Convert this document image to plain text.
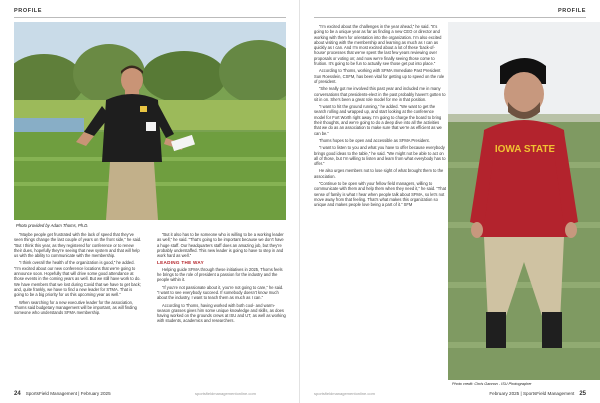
PROFILE
Photo provided by Adam Thoms, Ph.D.

“Maybe people get frustrated with the lack of speed that they’ve seen things change the last couple of years on the front side,” he said. “But I think this year, as they registered for conference or to renew their dues, hopefully they’re seeing that new system and that will help us with the ability to communicate with the membership.

“I think overall the health of the organization is good,” he added. “I’m excited about our new conference locations that we’re going to announce soon. Hopefully that will drive some good attendance at those events in the coming years as well. But we still have work to do. We have members that we lost during Covid that we have to get back; and, quite frankly, we have to find a new leader for STMA. That is going to be a big priority for us this upcoming year as well.”

When searching for a new executive leader for the association, Thoms said budgetary management will be important, as will finding someone who understands SFMA membership.

“But it also has to be someone who is willing to be a working leader as well,” he said. “That’s going to be important because we don’t have a huge staff. Our headquarters staff does an amazing job, but they’re probably understaffed. This new leader is going to have to step in and work hard as well.”

LEADING THE WAY

Helping guide SFMA through these initiatives in 2025, Thoms feels he brings to the role of president a passion for the industry and the people within it.

“If you’re not passionate about it, you’re not going to care,” he said. “I want to see everybody succeed. If somebody doesn’t know much about the industry, I want to teach them as much as I can.”

According to Thoms, having worked with both cool- and warm-season grasses gives him some unique knowledge and skills, as does having worked on the grounds crews at ISU and UT, as well as working with students, academics and researchers.

24 SportsField Management | February 2025	sportsfieldmanagementonline.com
PROFILE

“I’m excited about the challenges in the year ahead,” he said. “It’s going to be a unique year as far as finding a new CEO or director and working with them for orientation into the organization. I’m also excited about visiting with the membership and learning as much as I can as quickly as I can. And I’m most excited about a lot of these ‘back-of-house’ processes that we’ve spent the last few years reviewing over proposals or voting on; and now we’re finally seeing those come to fruition. It’s going to be fun to actually see those get put into place.”

According to Thoms, working with SFMA Immediate Past President Sun Roesslein, CSFM, has been vital for getting up to speed on the role of president.

“She really got me involved this past year and included me in many conversations that presidents-elect in the past probably haven’t gotten to sit in on. She’s been a great role model for me in that position.

“I want to hit the ground running,” he added. “We want to get the search rolling and wrapped up, and start looking at the conference model for Fort Worth right away. I’m going to charge the board to bring their thoughts, and we’re going to do a deep dive into all the activities that we do as an association to make sure that we’re as efficient as we can be.”

Thoms hopes to be open and accessible as SFMA President.

“I want to listen to you and what you have to offer because everybody brings good ideas to the table,” he said. “We might not be able to act on all of those, but I’m willing to listen and learn from what everybody has to offer.”

He also urges members not to lose sight of what brought them to the association.

“Continue to be open with your fellow field managers, willing to communicate with them and help them when they need it,” he said. “That sense of family is what I hear when people talk about SFMA, so let’s not move away from that feeling. That’s what makes this organization so unique and makes people love being a part of it.” SFM

IOWA STATE
Photo credit: Chris Gannon - ISU Photographer
sportsfieldmanagementonline.com	February 2025 | SportsField Management 25
